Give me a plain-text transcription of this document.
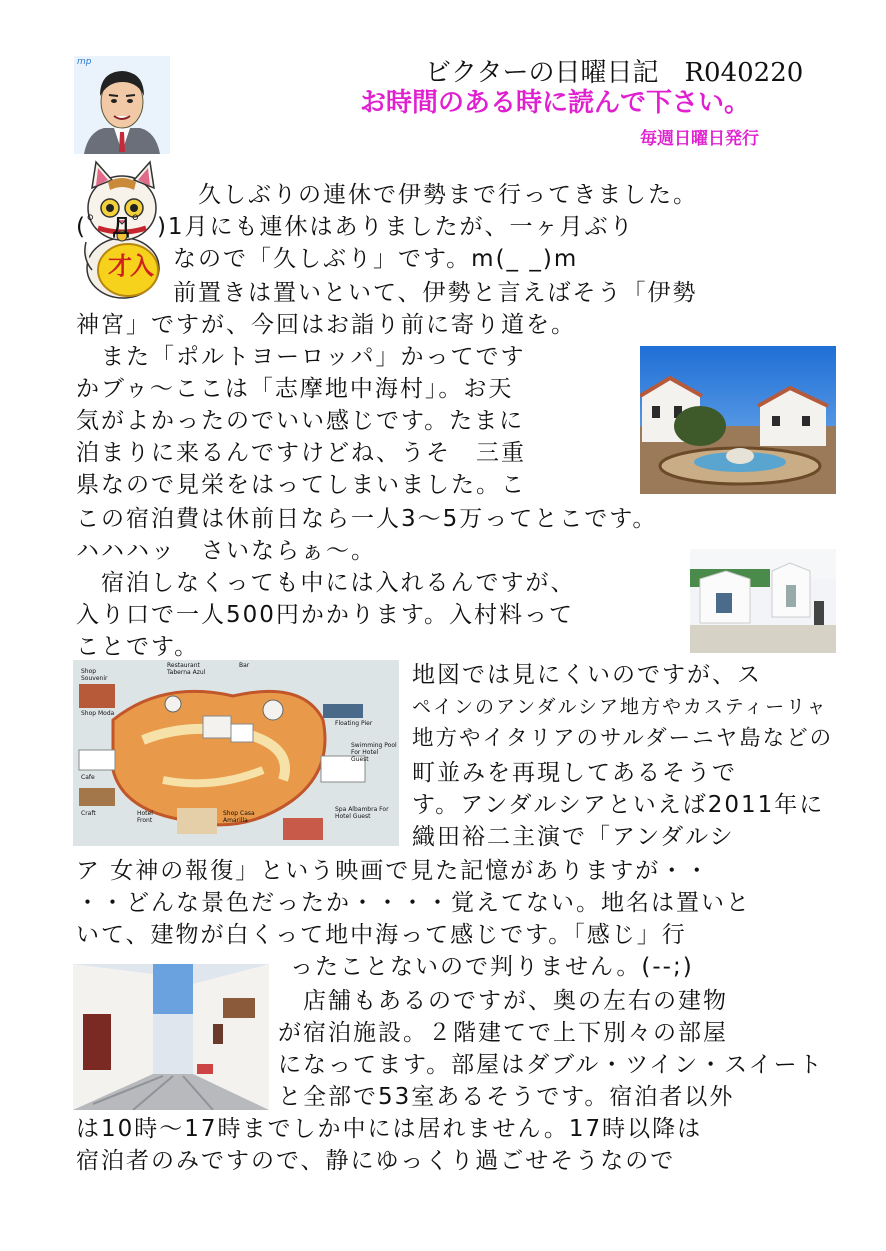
ビクターの日曜日記　R040220
お時間のある時に読んで下さい。
毎週日曜日発行
mp
才入
Restaurant Taberna Azul
Bar
Shop Souvenir
Shop Moda
Floating Pier
Swimming Pool For Hotel Guest
Cafe
Craft	Hotel Front
Shop Casa Amarilla
Spa Albambra For Hotel Guest
　久しぶりの連休で伊勢まで行ってきました。
(゜Д゜)1月にも連休はありましたが、一ヶ月ぶり
なので「久しぶり」です。m(_ _)m
前置きは置いといて、伊勢と言えばそう「伊勢
神宮」ですが、今回はお詣り前に寄り道を。
　また「ポルトヨーロッパ」かってです
かブゥ〜ここは「志摩地中海村」。お天
気がよかったのでいい感じです。たまに
泊まりに来るんですけどね、うそ　三重
県なので見栄をはってしまいました。こ
この宿泊費は休前日なら一人3〜5万ってとこです。
ハハハッ　さいならぁ〜。
　宿泊しなくっても中には入れるんですが、
入り口で一人500円かかります。入村料って
ことです。
地図では見にくいのですが、ス
ペインのアンダルシア地方やカスティーリャ
地方やイタリアのサルダーニヤ島などの
町並みを再現してあるそうで
す。アンダルシアといえば2011年に
織田裕二主演で「アンダルシ
ア 女神の報復」という映画で見た記憶がありますが・・
・・どんな景色だったか・・・・覚えてない。地名は置いと
いて、建物が白くって地中海って感じです。「感じ」行
ったことないので判りません。(--;)
　店舗もあるのですが、奥の左右の建物
が宿泊施設。２階建てで上下別々の部屋
になってます。部屋はダブル・ツイン・スイート
と全部で53室あるそうです。宿泊者以外
は10時〜17時までしか中には居れません。17時以降は
宿泊者のみですので、静にゆっくり過ごせそうなので
